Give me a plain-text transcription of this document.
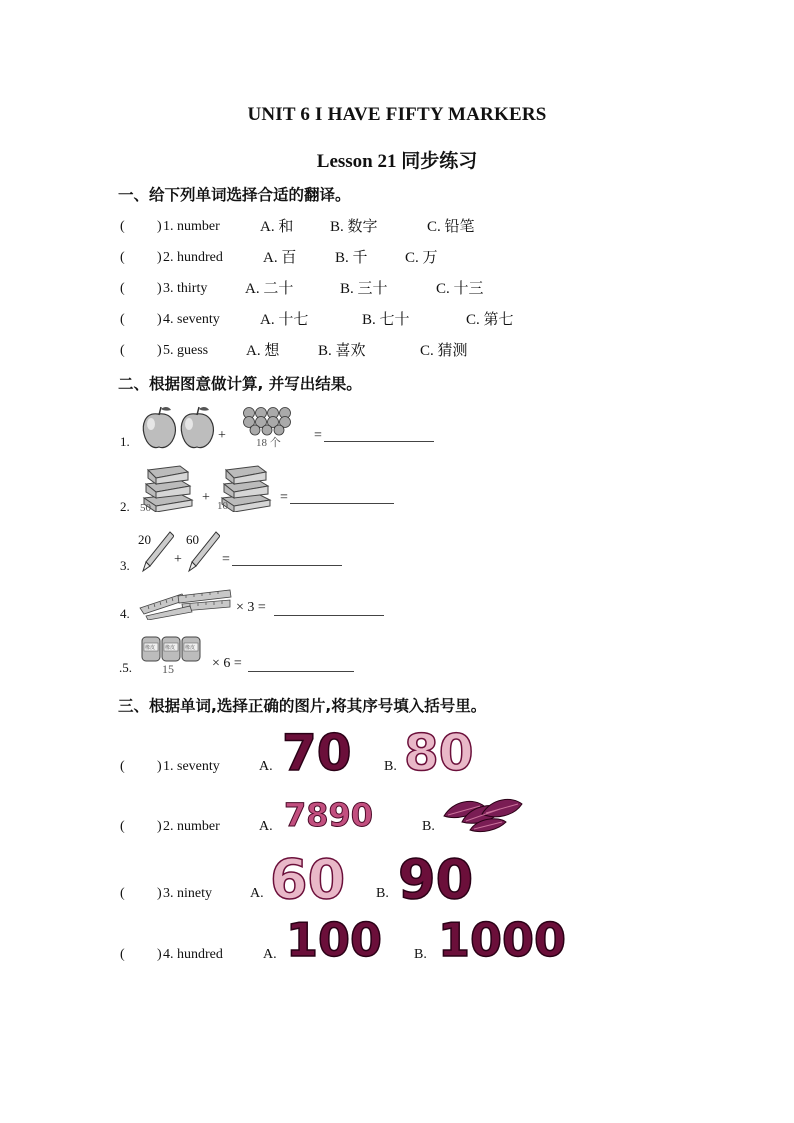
UNIT 6 I HAVE FIFTY MARKERS
Lesson 21 同步练习
一、给下列单词选择合适的翻译。
( ) 1. number	A. 和 B. 数字	C. 铅笔
( ) 2. hundred	A. 百	B. 千 C. 万
( ) 3. thirty	A. 二十	B. 三十	C. 十三
( ) 4. seventy	A. 十七	B. 七十	C. 第七
( ) 5. guess	A. 想	B. 喜欢	C. 猜测
二、根据图意做计算, 并写出结果。
1.	+	18 个 =
2. 50
+
10
=
3.
20
+
60
=
4.	× 3 =
.5.
橡皮 橡皮 橡皮
15	× 6 =
三、根据单词,选择正确的图片,将其序号填入括号里。
( ) 1. seventy	A.	B.
70 80
( ) 2. number	A.	B.
7890
( ) 3. ninety	A.	B.
60 90
( ) 4. hundred	A.	B.
100 1000
